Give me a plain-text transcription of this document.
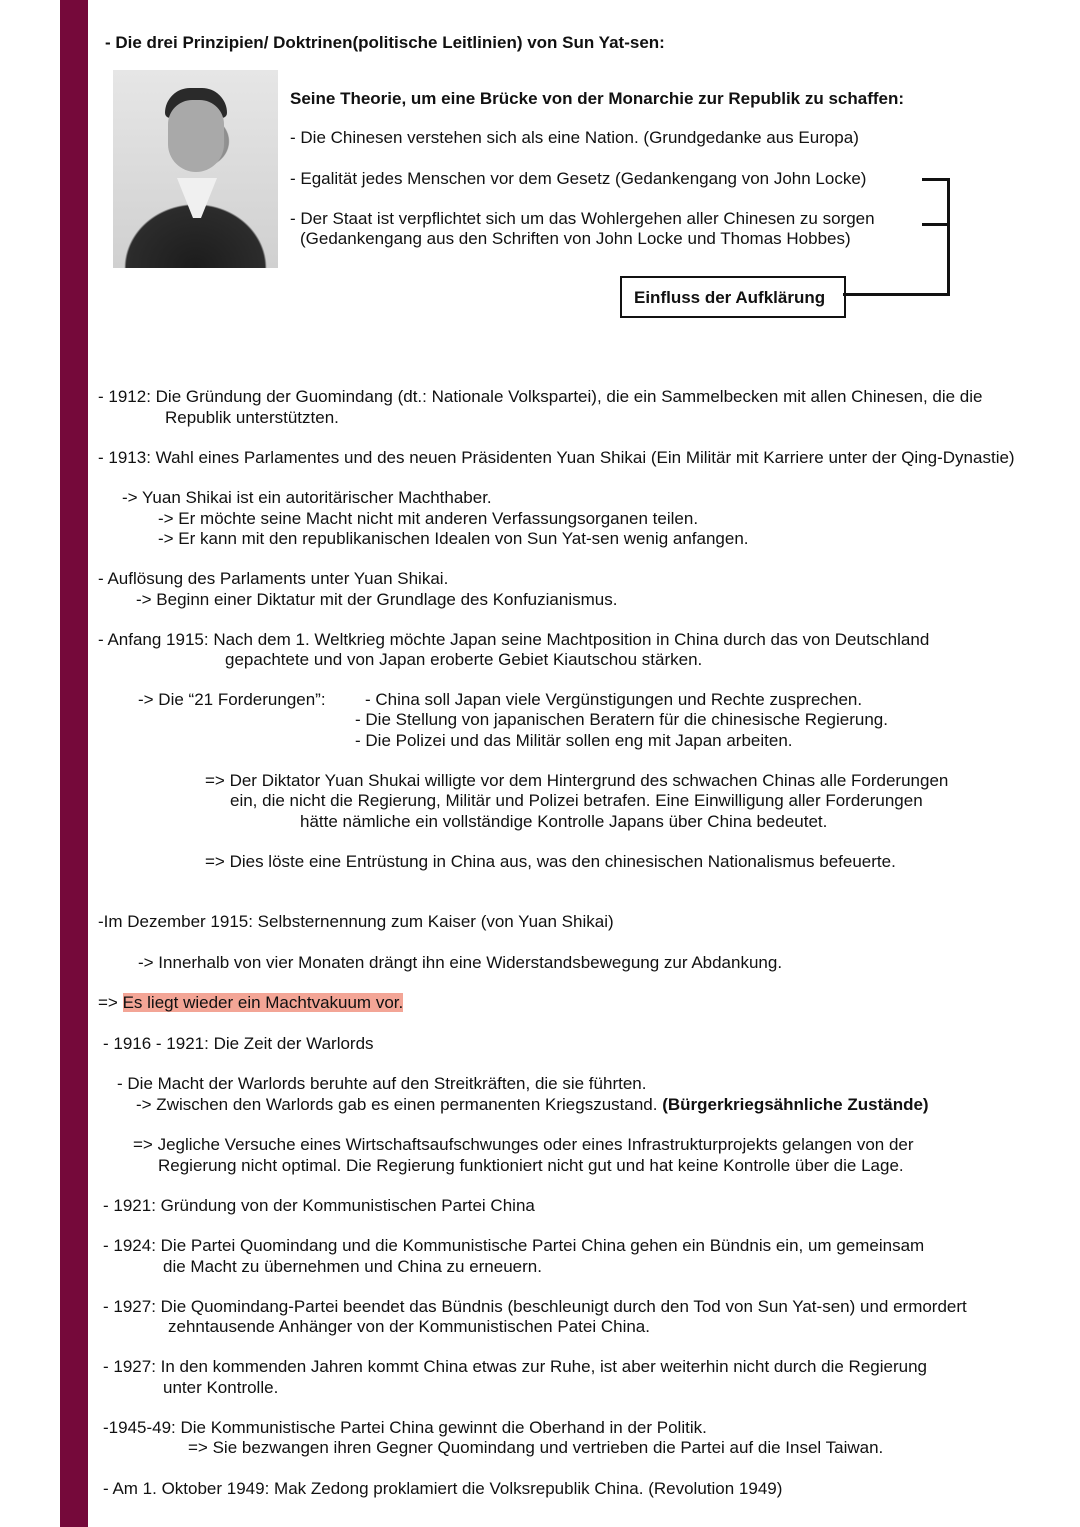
- Die drei Prinzipien/ Doktrinen(politische Leitlinien) von Sun Yat-sen:
Seine Theorie, um eine Brücke von der Monarchie zur Republik zu schaffen:
- Die Chinesen verstehen sich als eine Nation. (Grundgedanke aus Europa)
- Egalität jedes Menschen vor dem Gesetz (Gedankengang von John Locke)
- Der Staat ist verpflichtet sich um das Wohlergehen aller Chinesen zu sorgen
(Gedankengang aus den Schriften von John Locke und Thomas Hobbes)
Einfluss der Aufklärung
- 1912: Die Gründung der Guomindang (dt.: Nationale Volkspartei), die ein Sammelbecken mit allen Chinesen, die die
Republik unterstützten.
- 1913: Wahl eines Parlamentes und des neuen Präsidenten Yuan Shikai (Ein Militär mit Karriere unter der Qing-Dynastie)
-> Yuan Shikai ist ein autoritärischer Machthaber.
-> Er möchte seine Macht nicht mit anderen Verfassungsorganen teilen.
-> Er kann mit den republikanischen Idealen von Sun Yat-sen wenig anfangen.
- Auflösung des Parlaments unter Yuan Shikai.
-> Beginn einer Diktatur mit der Grundlage des Konfuzianismus.
- Anfang 1915: Nach dem 1. Weltkrieg möchte Japan seine Machtposition in China durch das von Deutschland
gepachtete und von Japan eroberte Gebiet Kiautschou stärken.
-> Die “21 Forderungen”: - China soll Japan viele Vergünstigungen und Rechte zusprechen.
- Die Stellung von japanischen Beratern für die chinesische Regierung.
- Die Polizei und das Militär sollen eng mit Japan arbeiten.
=> Der Diktator Yuan Shukai willigte vor dem Hintergrund des schwachen Chinas alle Forderungen
ein, die nicht die Regierung, Militär und Polizei betrafen. Eine Einwilligung aller Forderungen
hätte nämliche ein vollständige Kontrolle Japans über China bedeutet.
=> Dies löste eine Entrüstung in China aus, was den chinesischen Nationalismus befeuerte.
-Im Dezember 1915: Selbsternennung zum Kaiser (von Yuan Shikai)
-> Innerhalb von vier Monaten drängt ihn eine Widerstandsbewegung zur Abdankung.
=> Es liegt wieder ein Machtvakuum vor.
- 1916 - 1921: Die Zeit der Warlords
- Die Macht der Warlords beruhte auf den Streitkräften, die sie führten.
-> Zwischen den Warlords gab es einen permanenten Kriegszustand. (Bürgerkriegsähnliche Zustände)
=> Jegliche Versuche eines Wirtschaftsaufschwunges oder eines Infrastrukturprojekts gelangen von der
Regierung nicht optimal. Die Regierung funktioniert nicht gut und hat keine Kontrolle über die Lage.
- 1921: Gründung von der Kommunistischen Partei China
- 1924: Die Partei Quomindang und die Kommunistische Partei China gehen ein Bündnis ein, um gemeinsam
die Macht zu übernehmen und China zu erneuern.
- 1927: Die Quomindang-Partei beendet das Bündnis (beschleunigt durch den Tod von Sun Yat-sen) und ermordert
zehntausende Anhänger von der Kommunistischen Patei China.
- 1927: In den kommenden Jahren kommt China etwas zur Ruhe, ist aber weiterhin nicht durch die Regierung
unter Kontrolle.
-1945-49: Die Kommunistische Partei China gewinnt die Oberhand in der Politik.
=> Sie bezwangen ihren Gegner Quomindang und vertrieben die Partei auf die Insel Taiwan.
- Am 1. Oktober 1949: Mak Zedong proklamiert die Volksrepublik China. (Revolution 1949)
